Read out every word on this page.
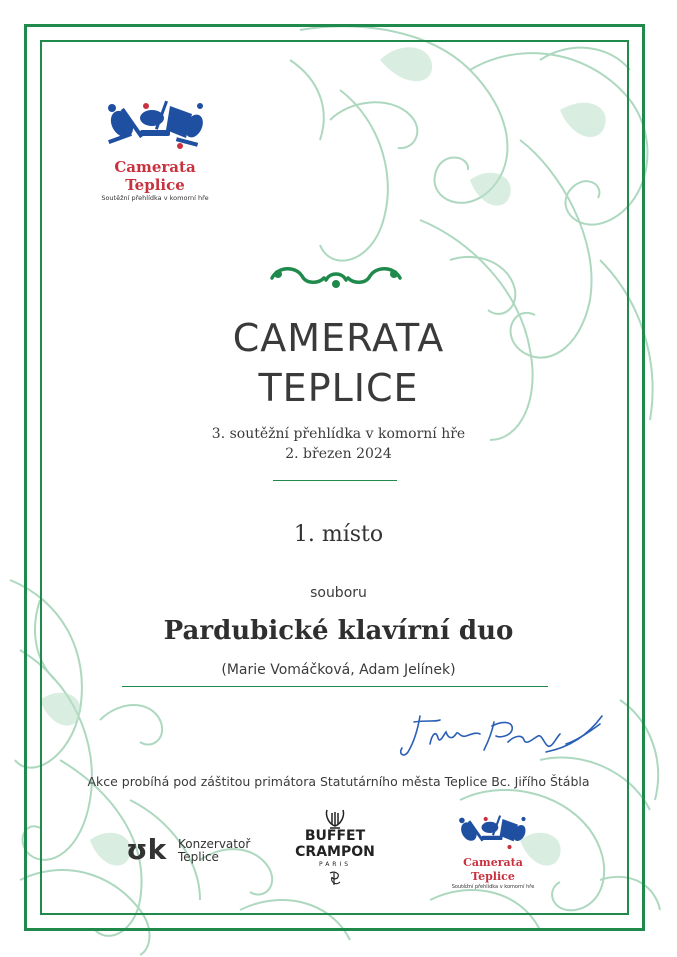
Camerata Teplice
Soutěžní přehlídka v komorní hře
CAMERATA
TEPLICE
3. soutěžní přehlídka v komorní hře
2. březen 2024
1. místo
souboru
Pardubické klavírní duo
(Marie Vomáčková, Adam Jelínek)
Akce probíhá pod záštitou primátora Statutárního města Teplice Bc. Jiřího Štábla
ʊk Konzervatoř
Teplice
BUFFET
CRAMPON
PARIS	Camerata Teplice
Soutěžní přehlídka v komorní hře
